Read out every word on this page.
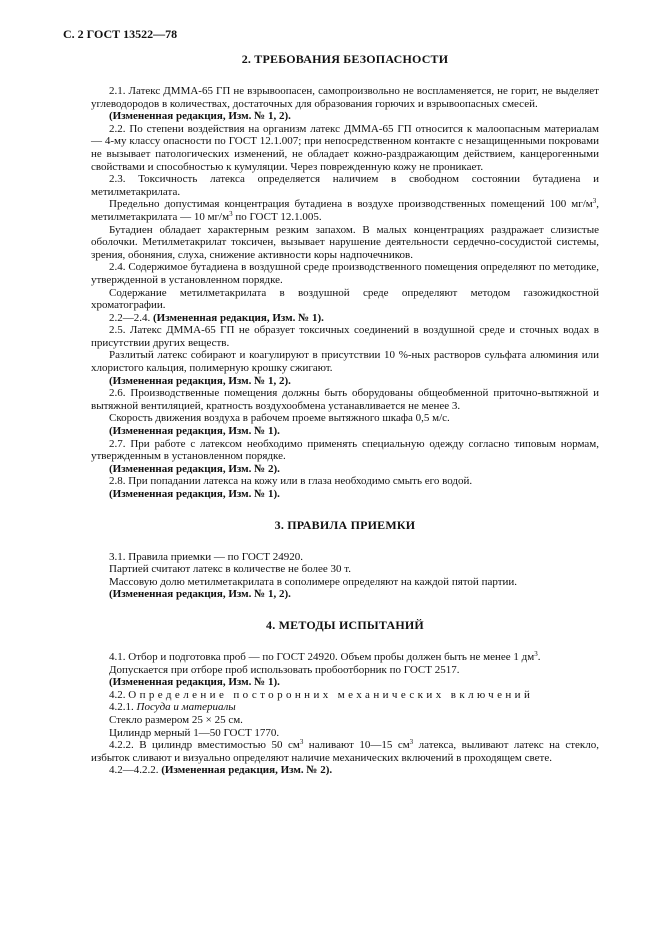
С. 2 ГОСТ 13522—78
2. ТРЕБОВАНИЯ БЕЗОПАСНОСТИ

2.1. Латекс ДММА-65 ГП не взрывоопасен, самопроизвольно не воспламеняется, не горит, не выделяет углеводородов в количествах, достаточных для образования горючих и взрывоопасных смесей.

(Измененная редакция, Изм. № 1, 2).

2.2. По степени воздействия на организм латекс ДММА-65 ГП относится к малоопасным материалам — 4-му классу опасности по ГОСТ 12.1.007; при непосредственном контакте с незащищенными покровами не вызывает патологических изменений, не обладает кожно-раздражающим действием, канцерогенными свойствами и способностью к кумуляции. Через поврежденную кожу не проникает.

2.3. Токсичность латекса определяется наличием в свободном состоянии бутадиена и метилметакрилата.

Предельно допустимая концентрация бутадиена в воздухе производственных помещений 100 $мг/м^3$, метилметакрилата — 10 $мг/м^3$ по ГОСТ 12.1.005.

Бутадиен обладает характерным резким запахом. В малых концентрациях раздражает слизистые оболочки. Метилметакрилат токсичен, вызывает нарушение деятельности сердечно-сосудистой системы, зрения, обоняния, слуха, снижение активности коры надпочечников.

2.4. Содержимое бутадиена в воздушной среде производственного помещения определяют по методике, утвержденной в установленном порядке.

Содержание метилметакрилата в воздушной среде определяют методом газожидкостной хроматографии.

2.2—2.4. (Измененная редакция, Изм. № 1).

2.5. Латекс ДММА-65 ГП не образует токсичных соединений в воздушной среде и сточных водах в присутствии других веществ.

Разлитый латекс собирают и коагулируют в присутствии 10 %-ных растворов сульфата алюминия или хлористого кальция, полимерную крошку сжигают.

(Измененная редакция, Изм. № 1, 2).

2.6. Производственные помещения должны быть оборудованы общеобменной приточно-вытяжной и вытяжной вентиляцией, кратность воздухообмена устанавливается не менее 3.

Скорость движения воздуха в рабочем проеме вытяжного шкафа 0,5 м/с.

(Измененная редакция, Изм. № 1).

2.7. При работе с латексом необходимо применять специальную одежду согласно типовым нормам, утвержденным в установленном порядке.

(Измененная редакция, Изм. № 2).

2.8. При попадании латекса на кожу или в глаза необходимо смыть его водой.

(Измененная редакция, Изм. № 1).

3. ПРАВИЛА ПРИЕМКИ

3.1. Правила приемки — по ГОСТ 24920.

Партией считают латекс в количестве не более 30 т.

Массовую долю метилметакрилата в сополимере определяют на каждой пятой партии.

(Измененная редакция, Изм. № 1, 2).

4. МЕТОДЫ ИСПЫТАНИЙ

4.1. Отбор и подготовка проб — по ГОСТ 24920. Объем пробы должен быть не менее 1 $дм^3$.

Допускается при отборе проб использовать пробоотборник по ГОСТ 2517.

(Измененная редакция, Изм. № 1).

4.2. Определение посторонних механических включений

4.2.1. Посуда и материалы

Стекло размером 25 × 25 см.

Цилиндр мерный 1—50 ГОСТ 1770.

4.2.2. В цилиндр вместимостью 50 $см^3$ наливают 10—15 $см^3$ латекса, выливают латекс на стекло, избыток сливают и визуально определяют наличие механических включений в проходящем свете.

4.2—4.2.2. (Измененная редакция, Изм. № 2).
